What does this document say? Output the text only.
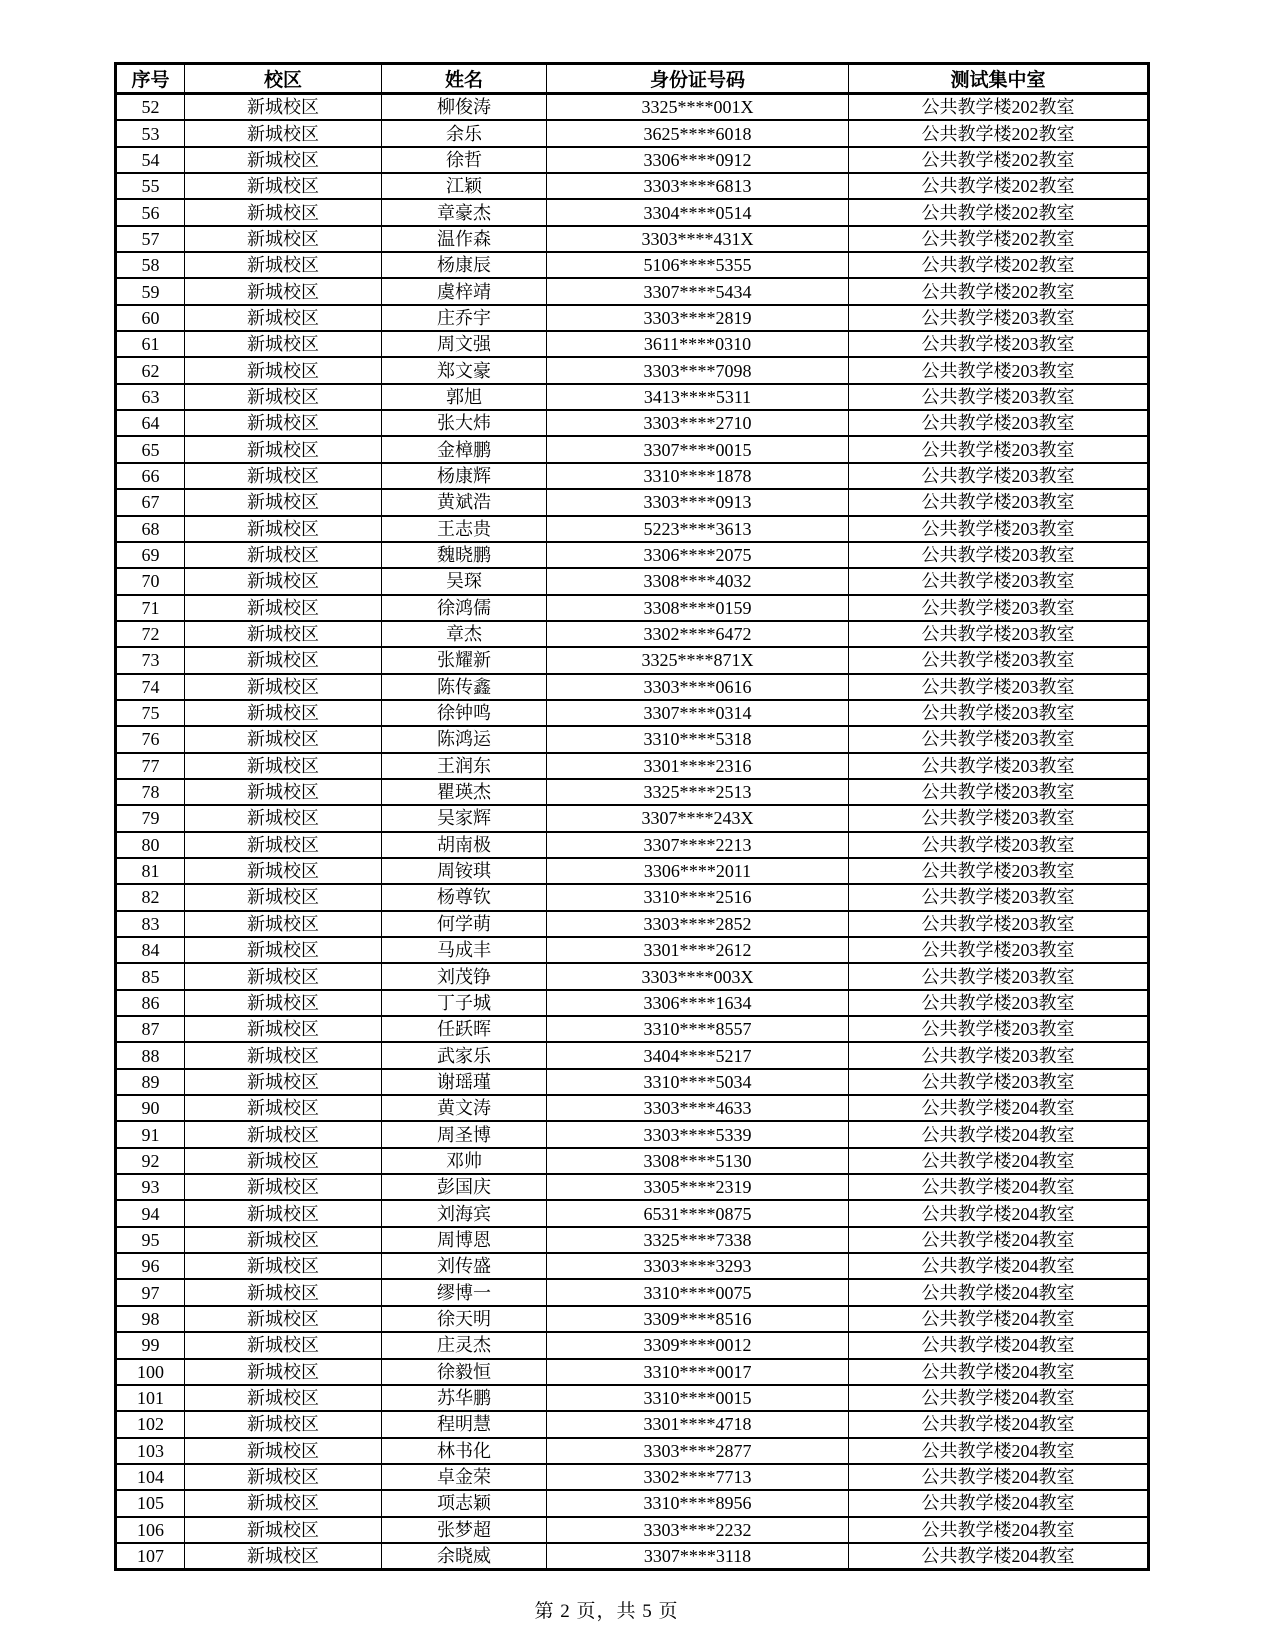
序号	校区	姓名	身份证号码	测试集中室
52	新城校区	柳俊涛	3325****001X	公共教学楼202教室
53	新城校区	余乐	3625****6018	公共教学楼202教室
54	新城校区	徐哲	3306****0912	公共教学楼202教室
55	新城校区	江颖	3303****6813	公共教学楼202教室
56	新城校区	章豪杰	3304****0514	公共教学楼202教室
57	新城校区	温作森	3303****431X	公共教学楼202教室
58	新城校区	杨康辰	5106****5355	公共教学楼202教室
59	新城校区	虞梓靖	3307****5434	公共教学楼202教室
60	新城校区	庄乔宇	3303****2819	公共教学楼203教室
61	新城校区	周文强	3611****0310	公共教学楼203教室
62	新城校区	郑文豪	3303****7098	公共教学楼203教室
63	新城校区	郭旭	3413****5311	公共教学楼203教室
64	新城校区	张大炜	3303****2710	公共教学楼203教室
65	新城校区	金樟鹏	3307****0015	公共教学楼203教室
66	新城校区	杨康辉	3310****1878	公共教学楼203教室
67	新城校区	黄斌浩	3303****0913	公共教学楼203教室
68	新城校区	王志贵	5223****3613	公共教学楼203教室
69	新城校区	魏晓鹏	3306****2075	公共教学楼203教室
70	新城校区	吴琛	3308****4032	公共教学楼203教室
71	新城校区	徐鸿儒	3308****0159	公共教学楼203教室
72	新城校区	章杰	3302****6472	公共教学楼203教室
73	新城校区	张耀新	3325****871X	公共教学楼203教室
74	新城校区	陈传鑫	3303****0616	公共教学楼203教室
75	新城校区	徐钟鸣	3307****0314	公共教学楼203教室
76	新城校区	陈鸿运	3310****5318	公共教学楼203教室
77	新城校区	王润东	3301****2316	公共教学楼203教室
78	新城校区	瞿瑛杰	3325****2513	公共教学楼203教室
79	新城校区	吴家辉	3307****243X	公共教学楼203教室
80	新城校区	胡南极	3307****2213	公共教学楼203教室
81	新城校区	周铵琪	3306****2011	公共教学楼203教室
82	新城校区	杨尊钦	3310****2516	公共教学楼203教室
83	新城校区	何学萌	3303****2852	公共教学楼203教室
84	新城校区	马成丰	3301****2612	公共教学楼203教室
85	新城校区	刘茂铮	3303****003X	公共教学楼203教室
86	新城校区	丁子城	3306****1634	公共教学楼203教室
87	新城校区	任跃晖	3310****8557	公共教学楼203教室
88	新城校区	武家乐	3404****5217	公共教学楼203教室
89	新城校区	谢瑶瑾	3310****5034	公共教学楼203教室
90	新城校区	黄文涛	3303****4633	公共教学楼204教室
91	新城校区	周圣博	3303****5339	公共教学楼204教室
92	新城校区	邓帅	3308****5130	公共教学楼204教室
93	新城校区	彭国庆	3305****2319	公共教学楼204教室
94	新城校区	刘海宾	6531****0875	公共教学楼204教室
95	新城校区	周博恩	3325****7338	公共教学楼204教室
96	新城校区	刘传盛	3303****3293	公共教学楼204教室
97	新城校区	缪博一	3310****0075	公共教学楼204教室
98	新城校区	徐天明	3309****8516	公共教学楼204教室
99	新城校区	庄灵杰	3309****0012	公共教学楼204教室
100	新城校区	徐毅恒	3310****0017	公共教学楼204教室
101	新城校区	苏华鹏	3310****0015	公共教学楼204教室
102	新城校区	程明慧	3301****4718	公共教学楼204教室
103	新城校区	林书化	3303****2877	公共教学楼204教室
104	新城校区	卓金荣	3302****7713	公共教学楼204教室
105	新城校区	项志颖	3310****8956	公共教学楼204教室
106	新城校区	张梦超	3303****2232	公共教学楼204教室
107	新城校区	余晓威	3307****3118	公共教学楼204教室
第 2 页，共 5 页
